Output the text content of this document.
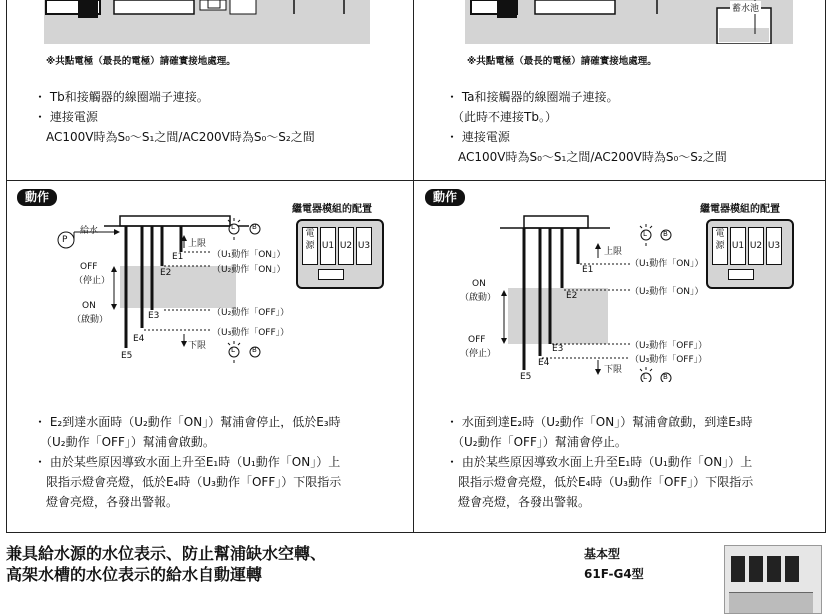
※共點電極（最長的電極）請確實接地處理。
蓄水池
※共點電極（最長的電極）請確實接地處理。
・ Tb和接觸器的線圈端子連接。
・ 連接電源
　AC100V時為S₀～S₁之間/AC200V時為S₀～S₂之間
・ Ta和接觸器的線圈端子連接。
　（此時不連接Tb。）
・ 連接電源
　AC100V時為S₀～S₁之間/AC200V時為S₀～S₂之間
動作	動作
繼電器模組的配置	繼電器模組的配置
電源 U1 U2 U3
電源 U1 U2 U3
P
給水
OFF
（停止）
ON
（啟動）
上限
下限
E1
E2
E3
E4
E5
L B
L B
（U₁動作「ON」）
（U₂動作「ON」）
（U₂動作「OFF」）
（U₃動作「OFF」）
ON
（啟動）
OFF
（停止）
上限
下限
E1
E2
E3
E4
E5
L B
L B
（U₁動作「ON」）
（U₂動作「ON」）
（U₂動作「OFF」）
（U₃動作「OFF」）
・ E₂到達水面時（U₂動作「ON」）幫浦會停止，低於E₃時
　（U₂動作「OFF」）幫浦會啟動。
・ 由於某些原因導致水面上升至E₁時（U₁動作「ON」）上
　限指示燈會亮燈，低於E₄時（U₃動作「OFF」）下限指示
　燈會亮燈，各發出警報。
・ 水面到達E₂時（U₂動作「ON」）幫浦會啟動，到達E₃時
　（U₂動作「OFF」）幫浦會停止。
・ 由於某些原因導致水面上升至E₁時（U₁動作「ON」）上
　限指示燈會亮燈，低於E₄時（U₃動作「OFF」）下限指示
　燈會亮燈，各發出警報。
兼具給水源的水位表示、防止幫浦缺水空轉、
高架水槽的水位表示的給水自動運轉
基本型
61F-G4型
